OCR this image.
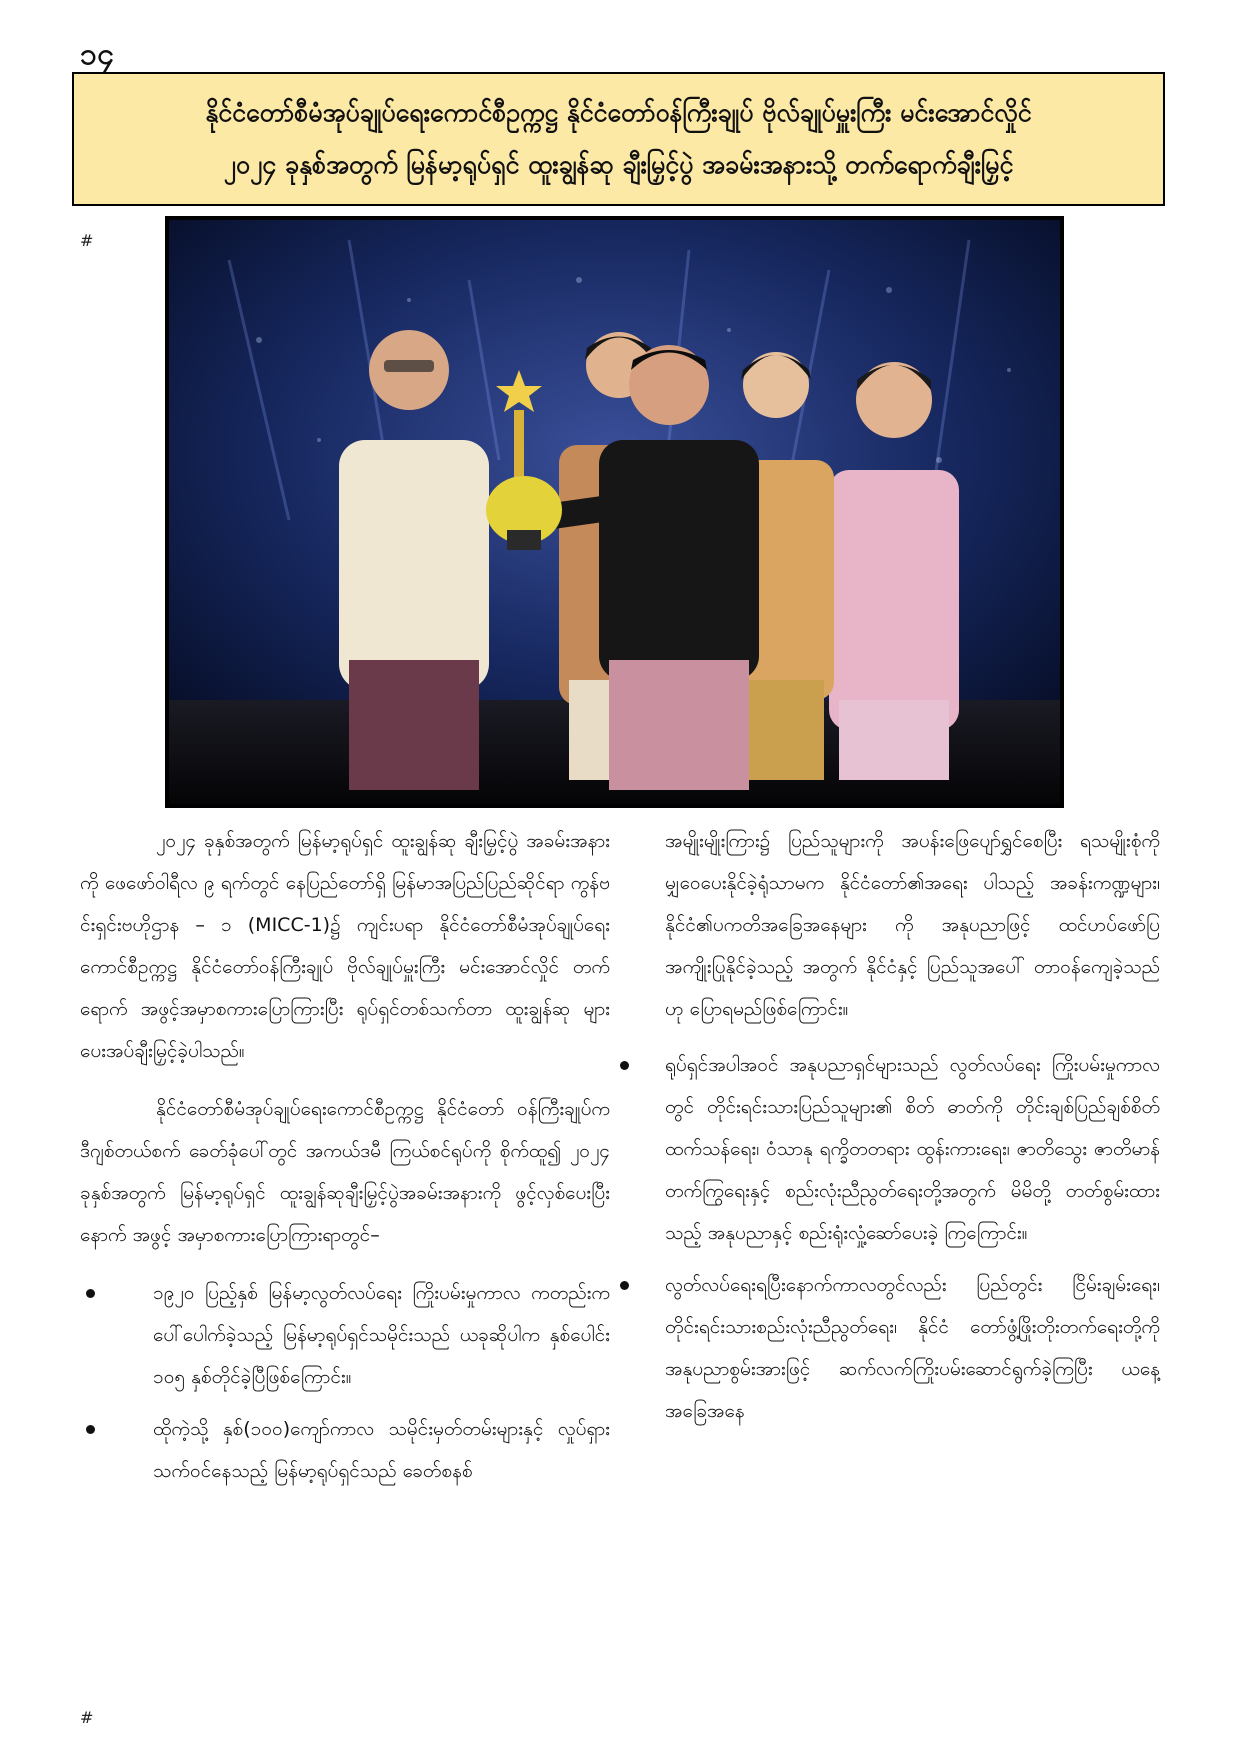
၁၄
နိုင်ငံတော်စီမံအုပ်ချုပ်ရေးကောင်စီဥက္ကဋ္ဌ နိုင်ငံတော်ဝန်ကြီးချုပ် ဗိုလ်ချုပ်မှူးကြီး မင်းအောင်လှိုင်
၂၀၂၄ ခုနှစ်အတွက် မြန်မာ့ရုပ်ရှင် ထူးချွန်ဆု ချီးမြှင့်ပွဲ အခမ်းအနားသို့ တက်ရောက်ချီးမြှင့်
#

၂၀၂၄ ခုနှစ်အတွက် မြန်မာ့ရုပ်ရှင် ထူးချွန်ဆု ချီးမြှင့်ပွဲ အခမ်းအနားကို ဖေဖော်ဝါရီလ ၉ ရက်တွင် နေပြည်တော်ရှိ မြန်မာအပြည်ပြည်ဆိုင်ရာ ကွန်ဗင်းရှင်းဗဟိုဌာန – ၁ (MICC-1)၌ ကျင်းပရာ နိုင်ငံတော်စီမံအုပ်ချုပ်ရေးကောင်စီဥက္ကဋ္ဌ နိုင်ငံတော်ဝန်ကြီးချုပ် ဗိုလ်ချုပ်မှူးကြီး မင်းအောင်လှိုင် တက်ရောက် အဖွင့်အမှာစကားပြောကြားပြီး ရုပ်ရှင်တစ်သက်တာ ထူးချွန်ဆု များ ပေးအပ်ချီးမြှင့်ခဲ့ပါသည်။

နိုင်ငံတော်စီမံအုပ်ချုပ်ရေးကောင်စီဥက္ကဋ္ဌ နိုင်ငံတော် ဝန်ကြီးချုပ်က ဒီဂျစ်တယ်စက် ခေတ်ခုံပေါ်တွင် အကယ်ဒမီ ကြယ်စင်ရုပ်ကို စိုက်ထူ၍ ၂၀၂၄ ခုနှစ်အတွက် မြန်မာ့ရုပ်ရှင် ထူးချွန်ဆုချီးမြှင့်ပွဲအခမ်းအနားကို ဖွင့်လှစ်ပေးပြီးနောက် အဖွင့် အမှာစကားပြောကြားရာတွင်–

၁၉၂၀ ပြည့်နှစ် မြန်မာ့လွတ်လပ်ရေး ကြိုးပမ်းမှုကာလ ကတည်းက ပေါ်ပေါက်ခဲ့သည့် မြန်မာ့ရုပ်ရှင်သမိုင်းသည် ယခုဆိုပါက နှစ်ပေါင်း ၁၀၅ နှစ်တိုင်ခဲ့ပြီဖြစ်ကြောင်း။
ထိုကဲ့သို့ နှစ်(၁၀၀)ကျော်ကာလ သမိုင်းမှတ်တမ်းများနှင့် လှုပ်ရှားသက်ဝင်နေသည့် မြန်မာ့ရုပ်ရှင်သည် ခေတ်စနစ်
အမျိုးမျိုးကြား၌ ပြည်သူများကို အပန်းဖြေပျော်ရွှင်စေပြီး ရသမျိုးစုံကို မျှဝေပေးနိုင်ခဲ့ရုံသာမက နိုင်ငံတော်၏အရေး ပါသည့် အခန်းကဏ္ဍများ၊ နိုင်ငံ၏ပကတိအခြေအနေများ ကို အနုပညာဖြင့် ထင်ဟပ်ဖော်ပြ အကျိုးပြုနိုင်ခဲ့သည့် အတွက် နိုင်ငံနှင့် ပြည်သူအပေါ် တာဝန်ကျေခဲ့သည်ဟု ပြောရမည်ဖြစ်ကြောင်း။
ရုပ်ရှင်အပါအဝင် အနုပညာရှင်များသည် လွတ်လပ်ရေး ကြိုးပမ်းမှုကာလတွင် တိုင်းရင်းသားပြည်သူများ၏ စိတ် ဓာတ်ကို တိုင်းချစ်ပြည်ချစ်စိတ် ထက်သန်ရေး၊ ဝံသာနု ရက္ခိတတရား ထွန်းကားရေး၊ ဇာတိသွေး ဇာတိမာန် တက်ကြွရေးနှင့် စည်းလုံးညီညွတ်ရေးတို့အတွက် မိမိတို့ တတ်စွမ်းထားသည့် အနုပညာနှင့် စည်းရုံးလှုံ့ဆော်ပေးခဲ့ ကြကြောင်း။
လွတ်လပ်ရေးရပြီးနောက်ကာလတွင်လည်း ပြည်တွင်း ငြိမ်းချမ်းရေး၊ တိုင်းရင်းသားစည်းလုံးညီညွတ်ရေး၊ နိုင်ငံ တော်ဖွံ့ဖြိုးတိုးတက်ရေးတို့ကို အနုပညာစွမ်းအားဖြင့် ဆက်လက်ကြိုးပမ်းဆောင်ရွက်ခဲ့ကြပြီး ယနေ့အခြေအနေ
#
